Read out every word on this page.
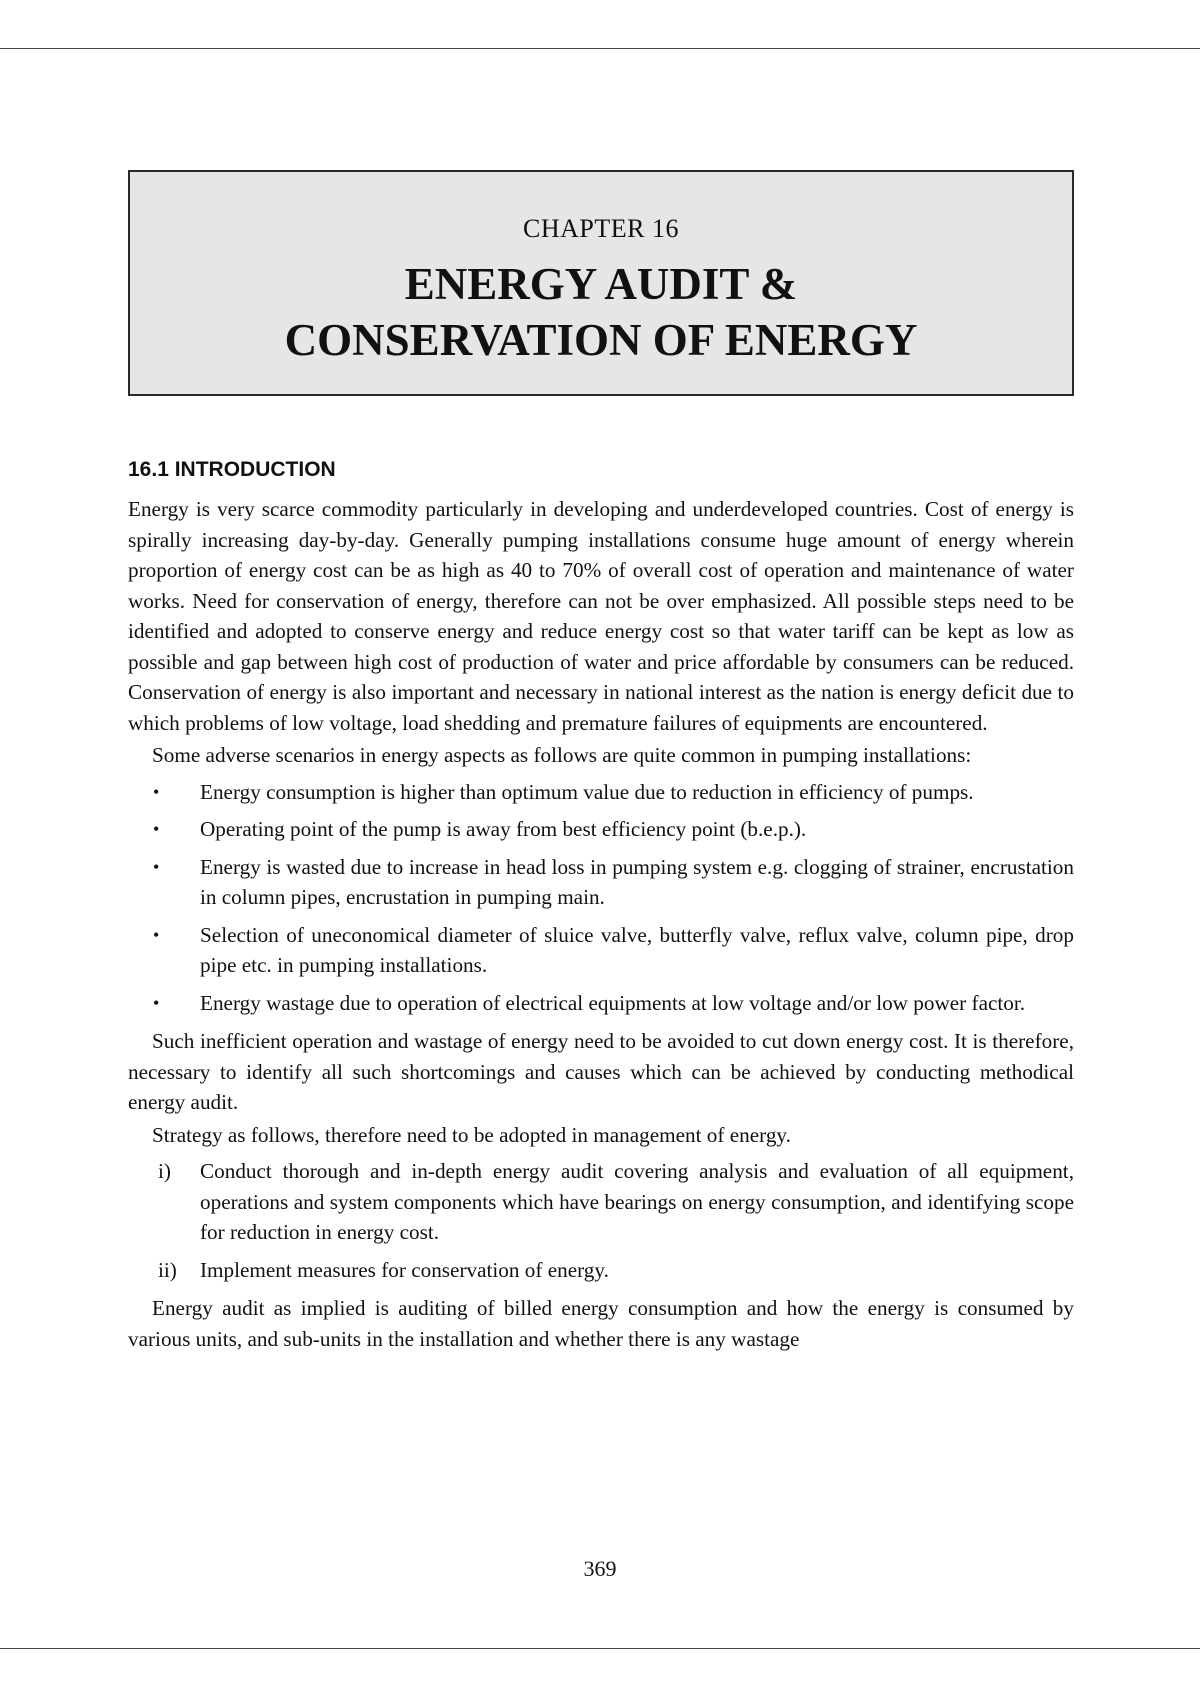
CHAPTER 16
ENERGY AUDIT &
CONSERVATION OF ENERGY
16.1 INTRODUCTION

Energy is very scarce commodity particularly in developing and underdeveloped countries. Cost of energy is spirally increasing day-by-day. Generally pumping installations consume huge amount of energy wherein proportion of energy cost can be as high as 40 to 70% of overall cost of operation and maintenance of water works. Need for conservation of energy, therefore can not be over emphasized. All possible steps need to be identified and adopted to conserve energy and reduce energy cost so that water tariff can be kept as low as possible and gap between high cost of production of water and price affordable by consumers can be reduced. Conservation of energy is also important and necessary in national interest as the nation is energy deficit due to which problems of low voltage, load shedding and premature failures of equipments are encountered.

Some adverse scenarios in energy aspects as follows are quite common in pumping installations:

•	Energy consumption is higher than optimum value due to reduction in efficiency of pumps.
•	Operating point of the pump is away from best efficiency point (b.e.p.).
•	Energy is wasted due to increase in head loss in pumping system e.g. clogging of strainer, encrustation in column pipes, encrustation in pumping main.
•	Selection of uneconomical diameter of sluice valve, butterfly valve, reflux valve, column pipe, drop pipe etc. in pumping installations.
•	Energy wastage due to operation of electrical equipments at low voltage and/or low power factor.

Such inefficient operation and wastage of energy need to be avoided to cut down energy cost. It is therefore, necessary to identify all such shortcomings and causes which can be achieved by conducting methodical energy audit.

Strategy as follows, therefore need to be adopted in management of energy.

i)	Conduct thorough and in-depth energy audit covering analysis and evaluation of all equipment, operations and system components which have bearings on energy consumption, and identifying scope for reduction in energy cost.
ii)	Implement measures for conservation of energy.

Energy audit as implied is auditing of billed energy consumption and how the energy is consumed by various units, and sub-units in the installation and whether there is any wastage

369
